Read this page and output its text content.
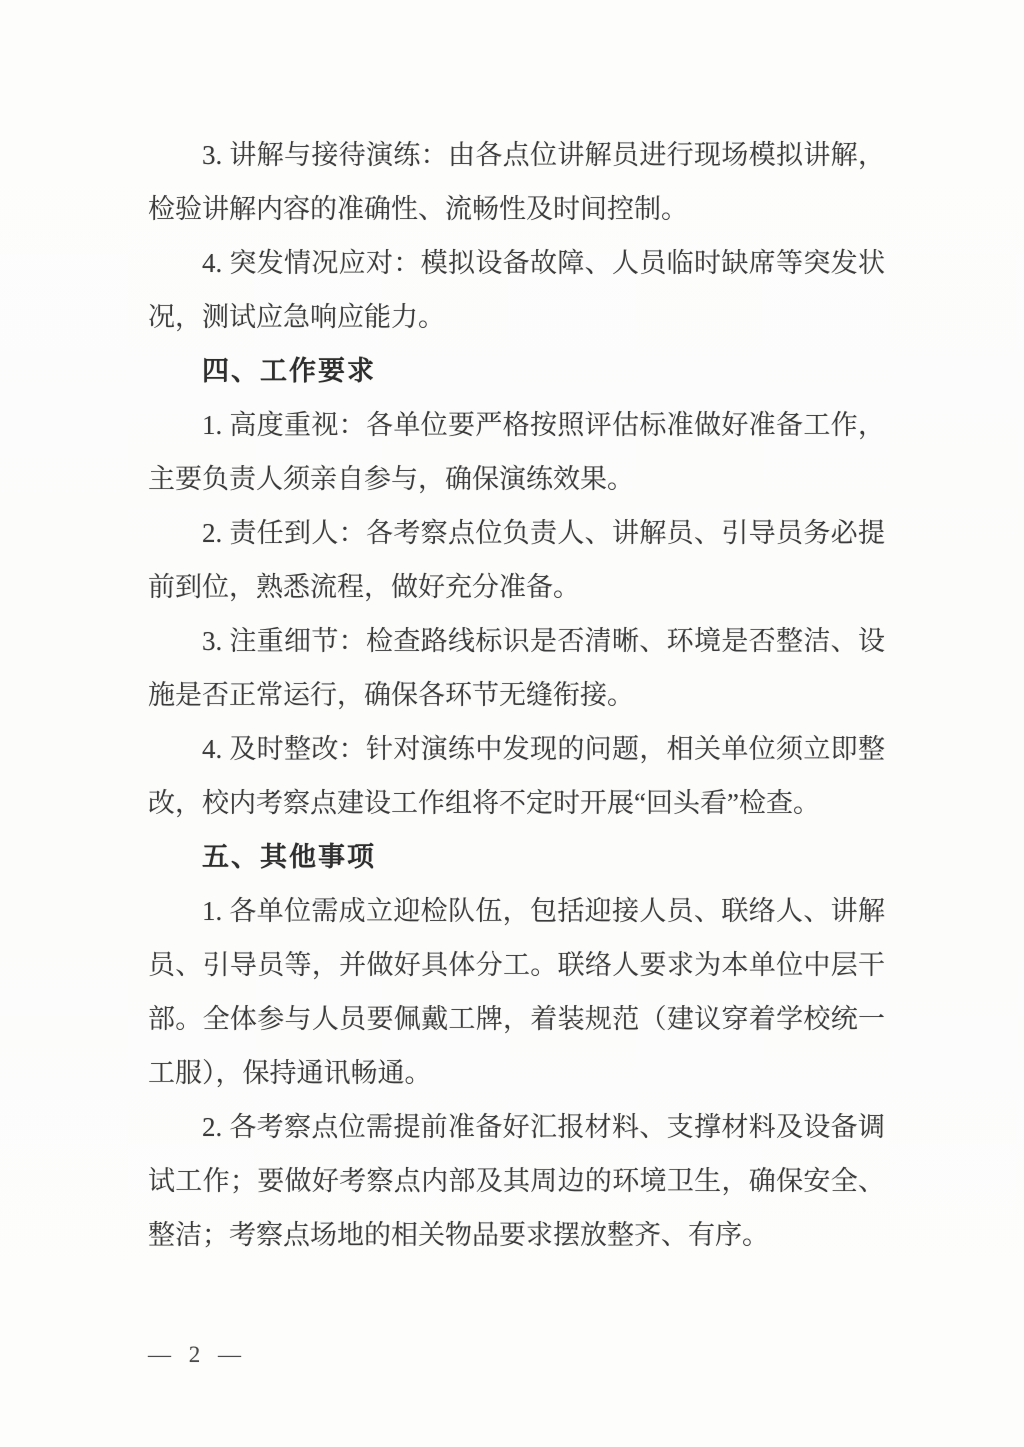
3. 讲解与接待演练：由各点位讲解员进行现场模拟讲解，检验讲解内容的准确性、流畅性及时间控制。

4. 突发情况应对：模拟设备故障、人员临时缺席等突发状况，测试应急响应能力。

四、工作要求

1. 高度重视：各单位要严格按照评估标准做好准备工作，主要负责人须亲自参与，确保演练效果。

2. 责任到人：各考察点位负责人、讲解员、引导员务必提前到位，熟悉流程，做好充分准备。

3. 注重细节：检查路线标识是否清晰、环境是否整洁、设施是否正常运行，确保各环节无缝衔接。

4. 及时整改：针对演练中发现的问题，相关单位须立即整改，校内考察点建设工作组将不定时开展“回头看”检查。

五、其他事项

1. 各单位需成立迎检队伍，包括迎接人员、联络人、讲解员、引导员等，并做好具体分工。联络人要求为本单位中层干部。全体参与人员要佩戴工牌，着装规范（建议穿着学校统一工服），保持通讯畅通。

2. 各考察点位需提前准备好汇报材料、支撑材料及设备调试工作；要做好考察点内部及其周边的环境卫生，确保安全、整洁；考察点场地的相关物品要求摆放整齐、有序。

— 2 —
